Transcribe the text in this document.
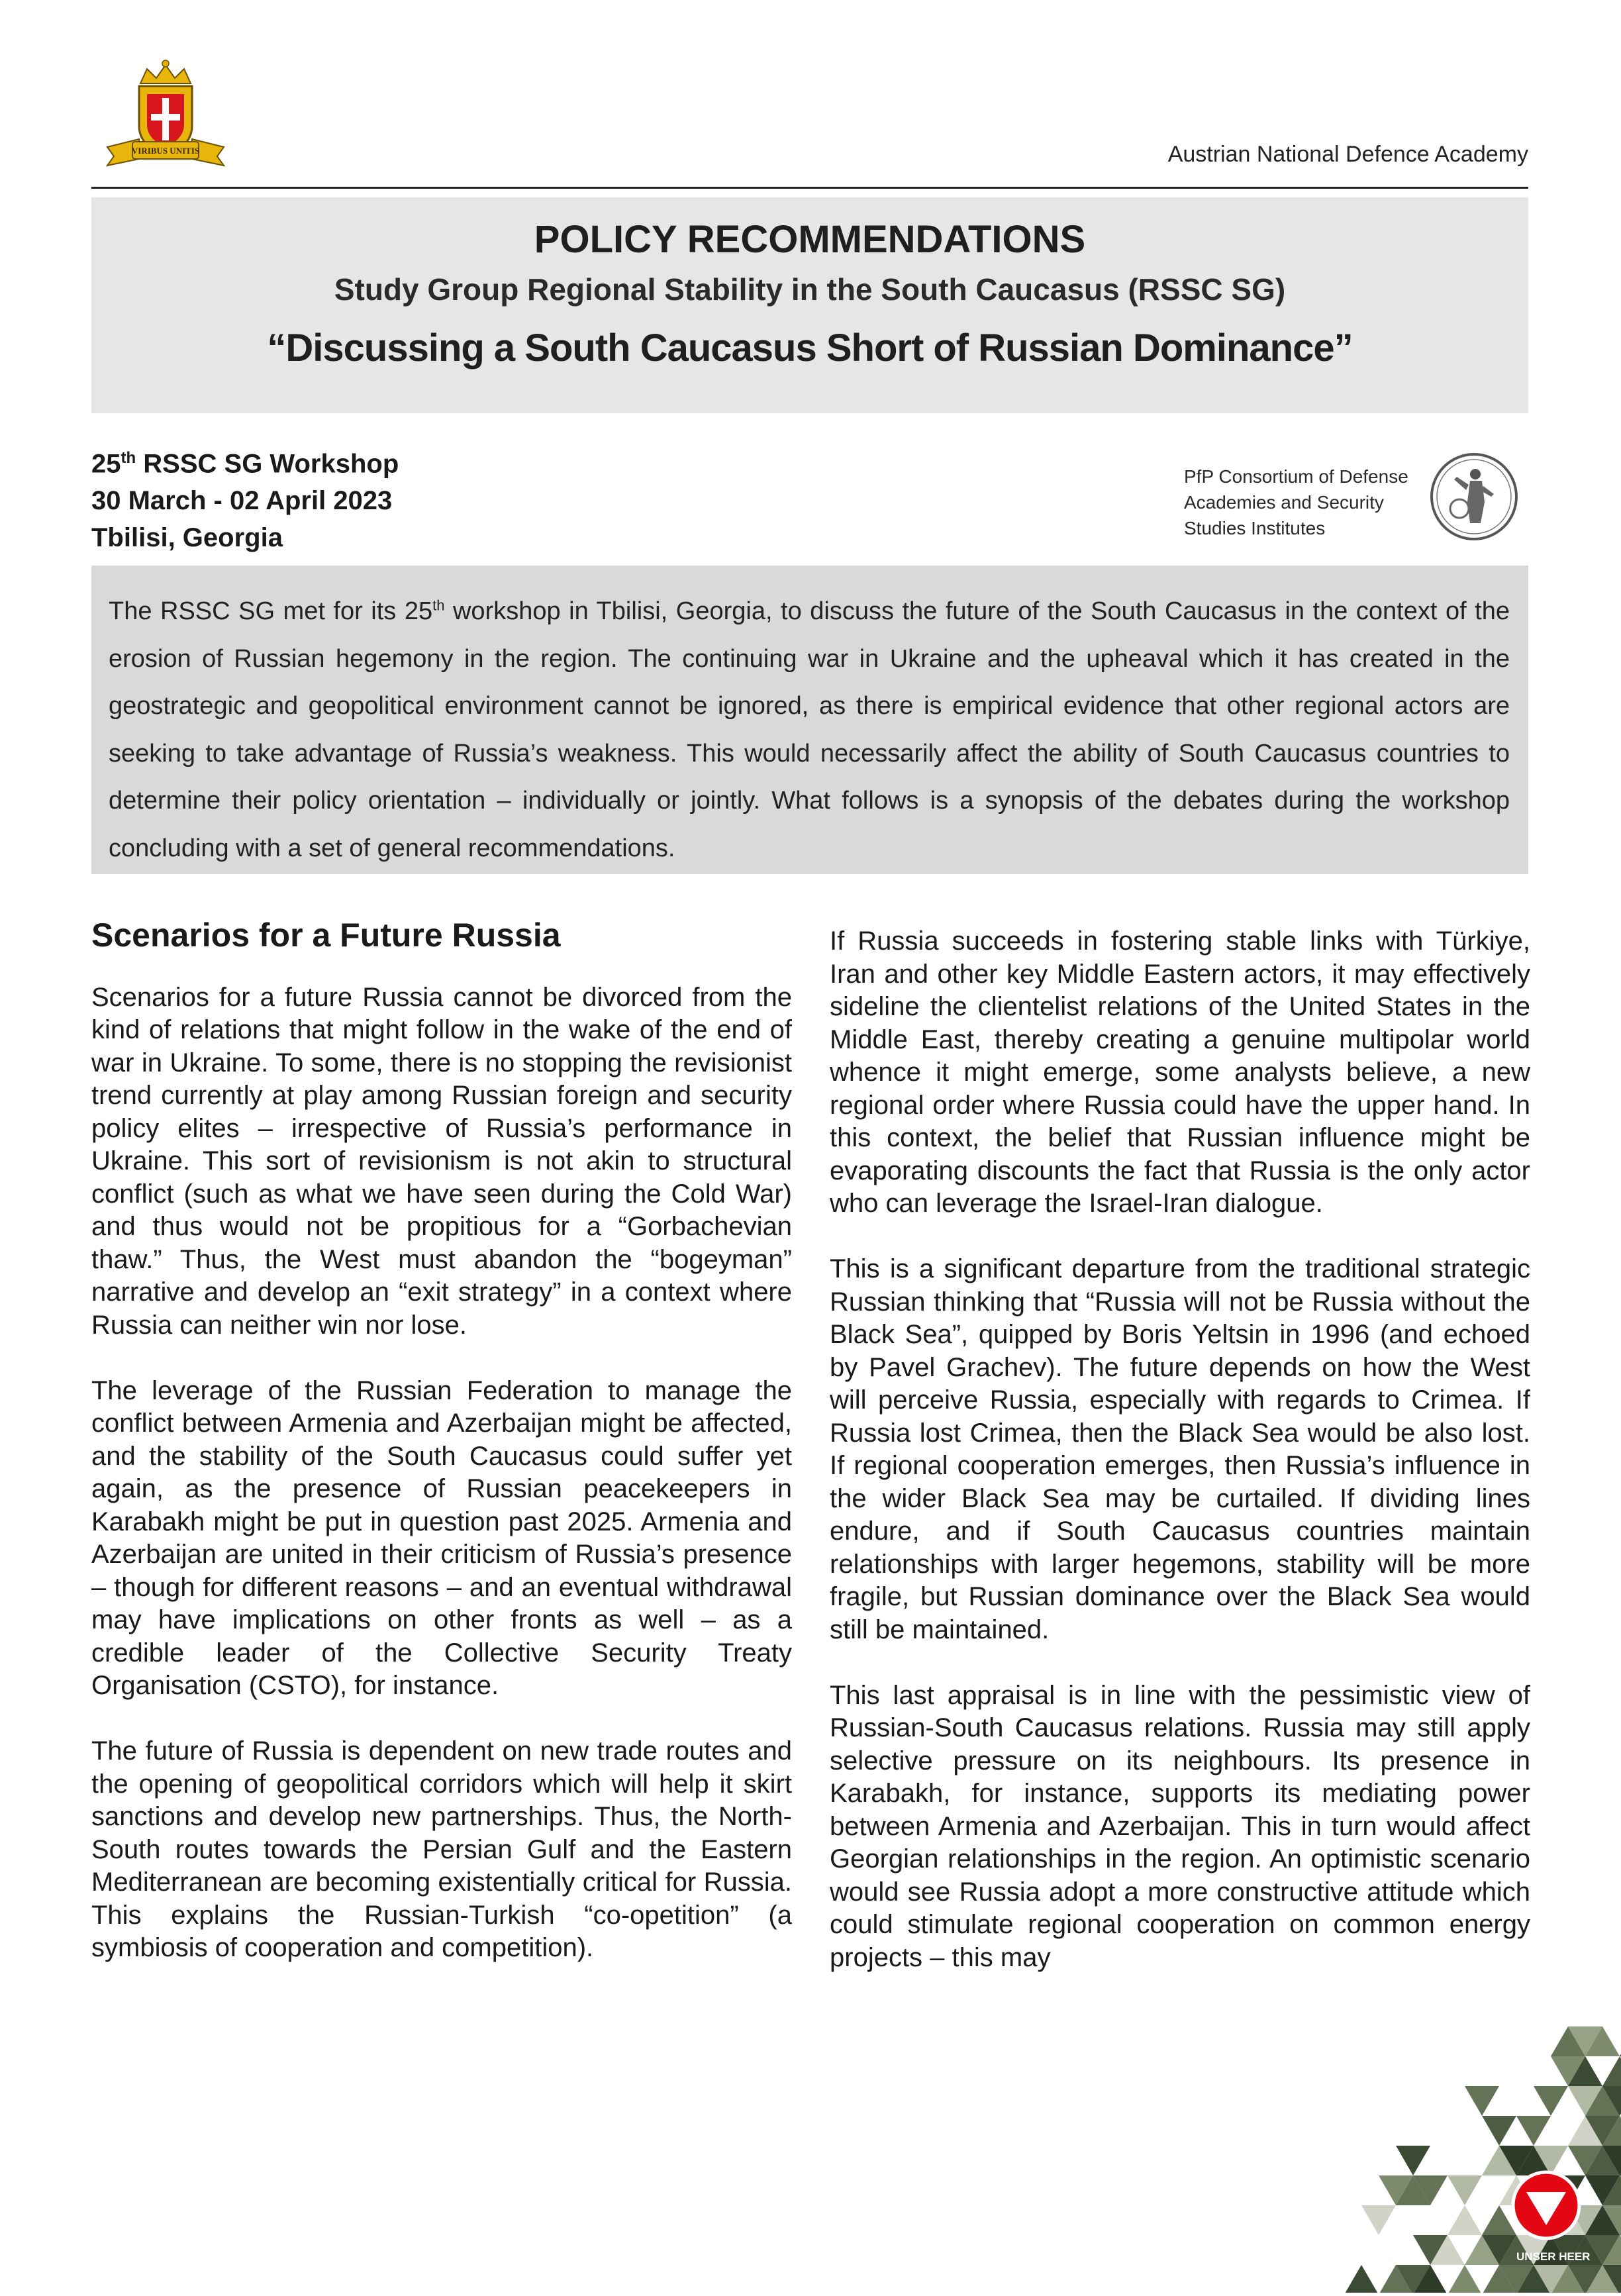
VIRIBUS UNITIS	Austrian National Defence Academy
POLICY RECOMMENDATIONS
Study Group Regional Stability in the South Caucasus (RSSC SG)
“Discussing a South Caucasus Short of Russian Dominance”
25th RSSC SG Workshop
30 March - 02 April 2023
Tbilisi, Georgia
PfP Consortium of Defense
Academies and Security
Studies Institutes
The RSSC SG met for its 25th workshop in Tbilisi, Georgia, to discuss the future of the South Caucasus in the context of the erosion of Russian hegemony in the region. The continuing war in Ukraine and the upheaval which it has created in the geostrategic and geopolitical environment cannot be ignored, as there is empirical evidence that other regional actors are seeking to take advantage of Russia’s weakness. This would necessarily affect the ability of South Caucasus countries to determine their policy orientation – individually or jointly. What follows is a synopsis of the debates during the workshop concluding with a set of general recommendations.
Scenarios for a Future Russia

Scenarios for a future Russia cannot be divorced from the kind of relations that might follow in the wake of the end of war in Ukraine. To some, there is no stopping the revisionist trend currently at play among Russian foreign and security policy elites – irrespective of Russia’s performance in Ukraine. This sort of revisionism is not akin to structural conflict (such as what we have seen during the Cold War) and thus would not be propitious for a “Gorbachevian thaw.” Thus, the West must abandon the “bogeyman” narrative and develop an “exit strategy” in a context where Russia can neither win nor lose.

The leverage of the Russian Federation to manage the conflict between Armenia and Azerbaijan might be affected, and the stability of the South Caucasus could suffer yet again, as the presence of Russian peacekeepers in Karabakh might be put in question past 2025. Armenia and Azerbaijan are united in their criticism of Russia’s presence – though for different reasons – and an eventual withdrawal may have implications on other fronts as well – as a credible leader of the Collective Security Treaty Organisation (CSTO), for instance.

The future of Russia is dependent on new trade routes and the opening of geopolitical corridors which will help it skirt sanctions and develop new partnerships. Thus, the North-South routes towards the Persian Gulf and the Eastern Mediterranean are becoming existentially critical for Russia. This explains the Russian-Turkish “co-opetition” (a symbiosis of cooperation and competition).

If Russia succeeds in fostering stable links with Türkiye, Iran and other key Middle Eastern actors, it may effectively sideline the clientelist relations of the United States in the Middle East, thereby creating a genuine multipolar world whence it might emerge, some analysts believe, a new regional order where Russia could have the upper hand. In this context, the belief that Russian influence might be evaporating discounts the fact that Russia is the only actor who can leverage the Israel-Iran dialogue.

This is a significant departure from the traditional strategic Russian thinking that “Russia will not be Russia without the Black Sea”, quipped by Boris Yeltsin in 1996 (and echoed by Pavel Grachev). The future depends on how the West will perceive Russia, especially with regards to Crimea. If Russia lost Crimea, then the Black Sea would be also lost. If regional cooperation emerges, then Russia’s influence in the wider Black Sea may be curtailed. If dividing lines endure, and if South Caucasus countries maintain relationships with larger hegemons, stability will be more fragile, but Russian dominance over the Black Sea would still be maintained.

This last appraisal is in line with the pessimistic view of Russian-South Caucasus relations. Russia may still apply selective pressure on its neighbours. Its presence in Karabakh, for instance, supports its mediating power between Armenia and Azerbaijan. This in turn would affect Georgian relationships in the region. An optimistic scenario would see Russia adopt a more constructive attitude which could stimulate regional cooperation on common energy projects – this may

UNSER HEER
